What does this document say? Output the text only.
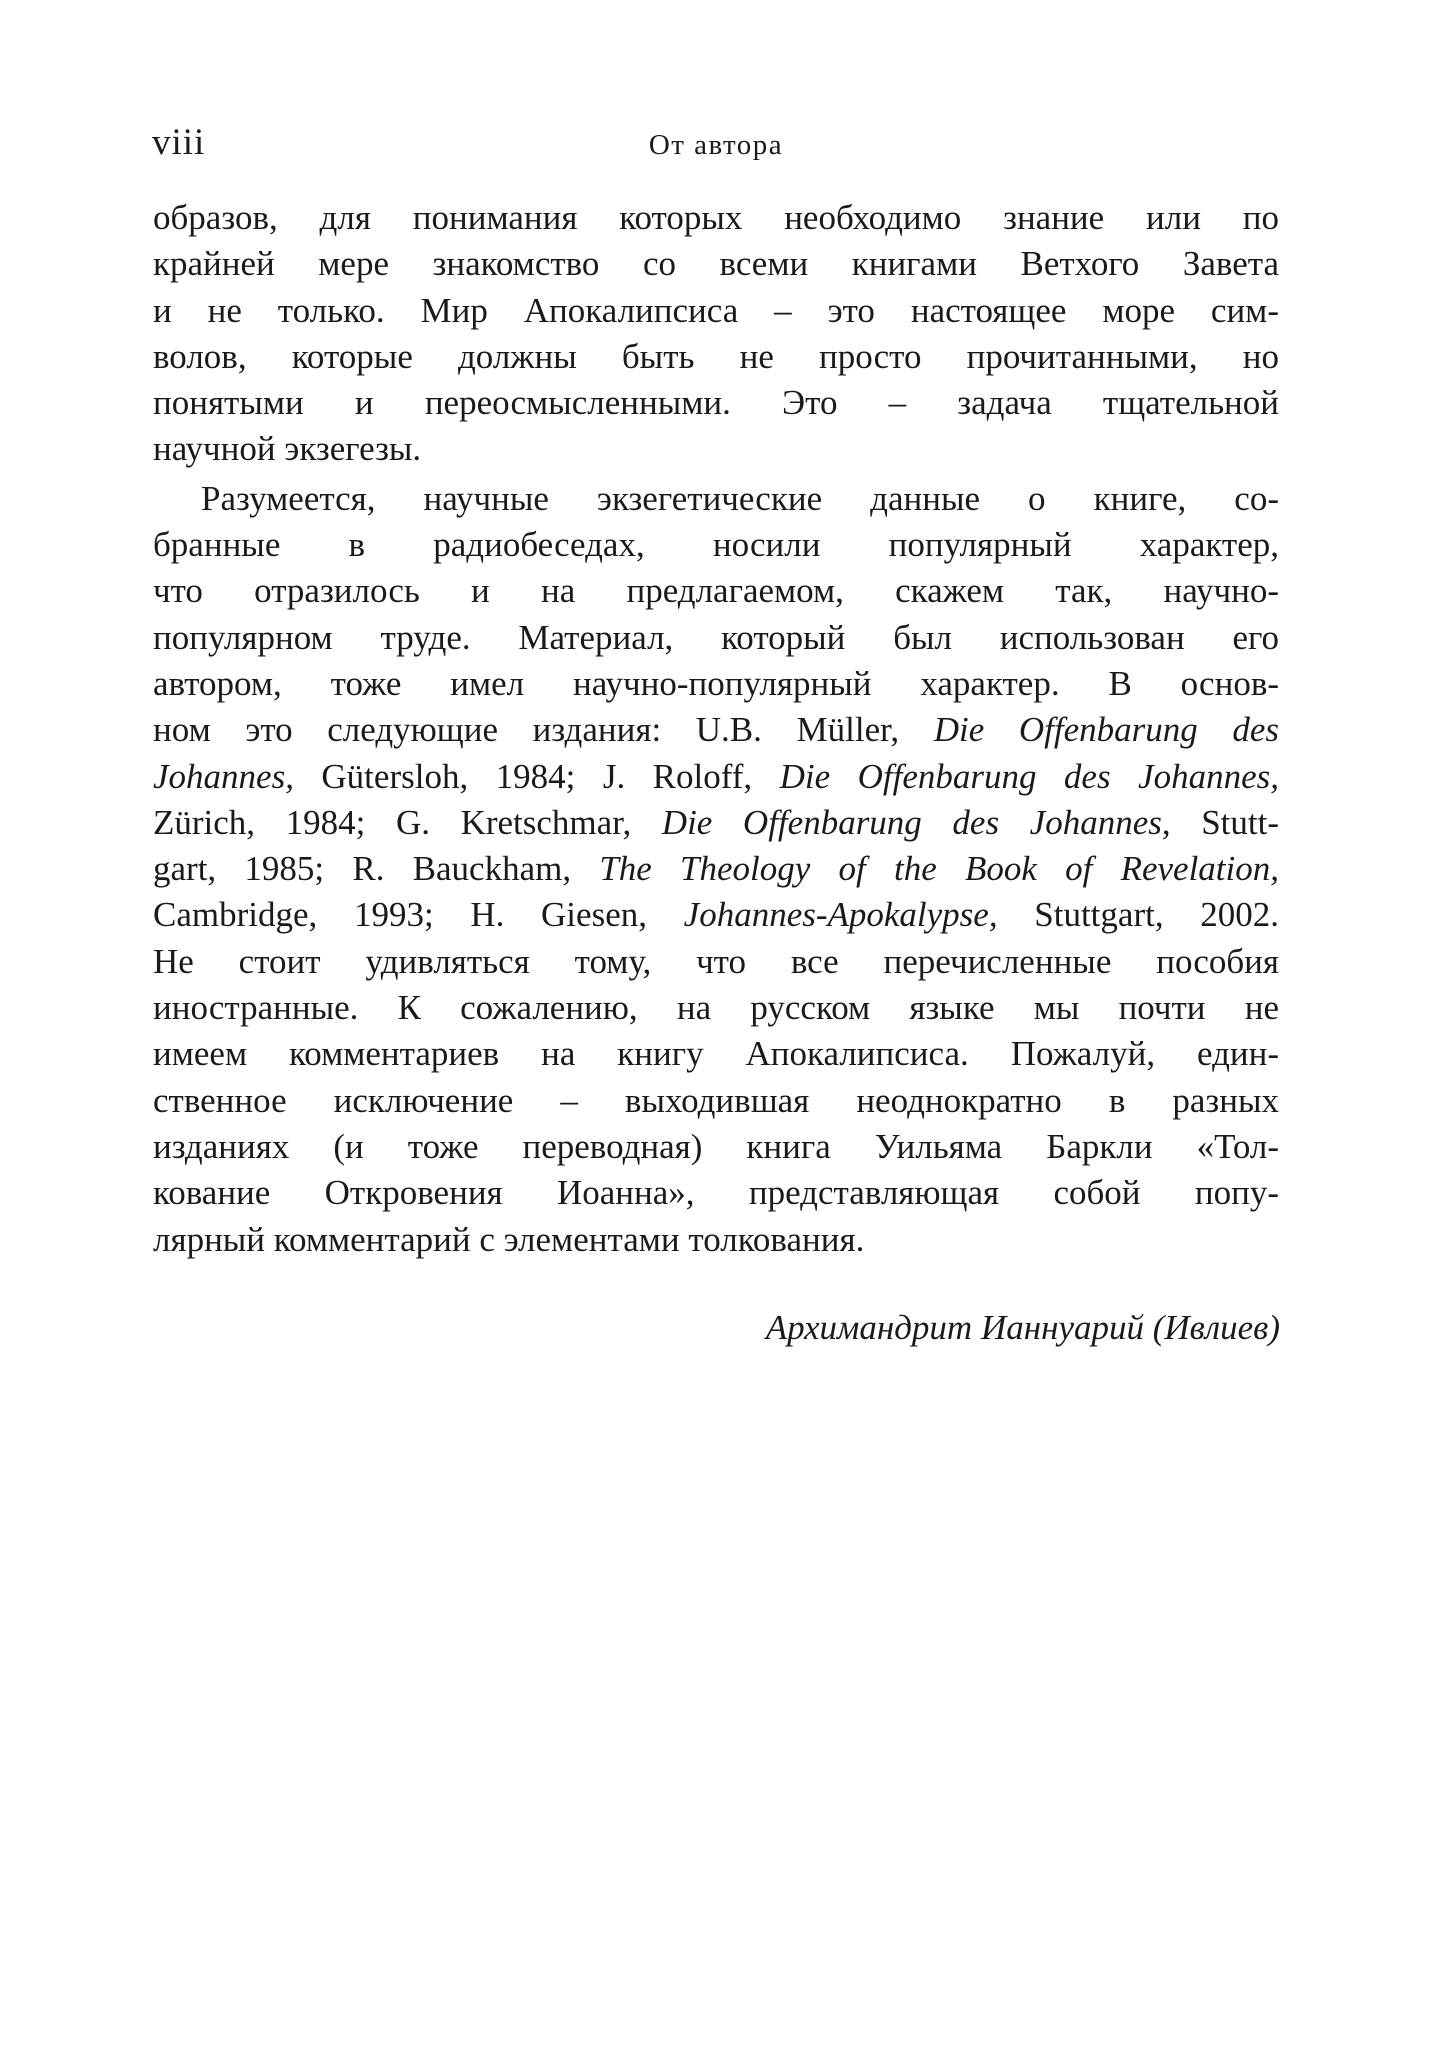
viii	От автора
образов, для понимания которых необходимо знание или по
крайней мере знакомство со всеми книгами Ветхого Завета
и не только. Мир Апокалипсиса – это настоящее море сим-
волов, которые должны быть не просто прочитанными, но
понятыми и переосмысленными. Это – задача тщательной
научной экзегезы.
Разумеется, научные экзегетические данные о книге, со-
бранные в радиобеседах, носили популярный характер,
что отразилось и на предлагаемом, скажем так, научно-
популярном труде. Материал, который был использован его
автором, тоже имел научно-популярный характер. В основ-
ном это следующие издания: U.B. Müller, Die Offenbarung des
Johannes, Gütersloh, 1984; J. Roloff, Die Offenbarung des Johannes,
Zürich, 1984; G. Kretschmar, Die Offenbarung des Johannes, Stutt-
gart, 1985; R. Bauckham, The Theology of the Book of Revelation,
Cambridge, 1993; H. Giesen, Johannes-Apokalypse, Stuttgart, 2002.
Не стоит удивляться тому, что все перечисленные пособия
иностранные. К сожалению, на русском языке мы почти не
имеем комментариев на книгу Апокалипсиса. Пожалуй, един-
ственное исключение – выходившая неоднократно в разных
изданиях (и тоже переводная) книга Уильяма Баркли «Тол-
кование Откровения Иоанна», представляющая собой попу-
лярный комментарий с элементами толкования.
Архимандрит Ианнуарий (Ивлиев)
